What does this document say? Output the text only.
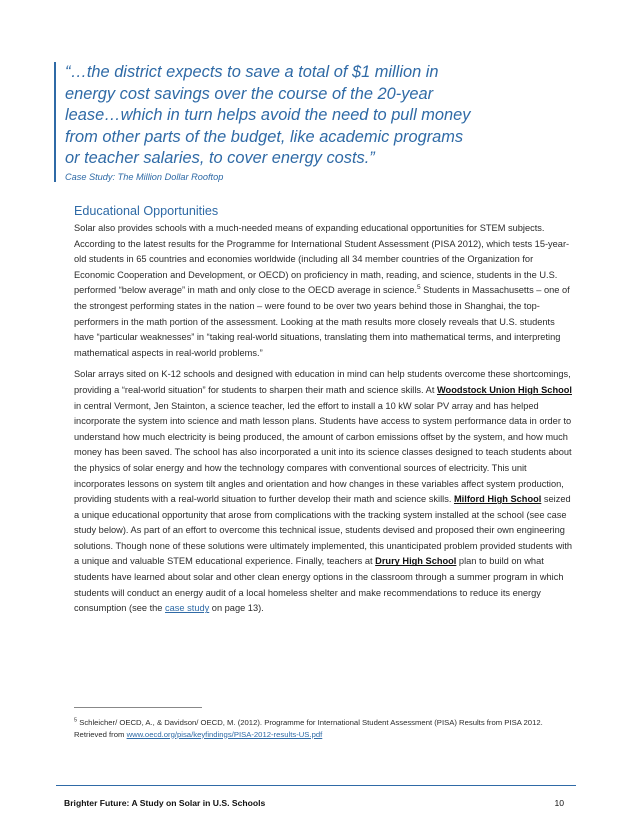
“…the district expects to save a total of $1 million in
energy cost savings over the course of the 20-year
lease…which in turn helps avoid the need to pull money
from other parts of the budget, like academic programs
or teacher salaries, to cover energy costs.”

Case Study: The Million Dollar Rooftop
Educational Opportunities

Solar also provides schools with a much-needed means of expanding educational opportunities for STEM subjects. According to the latest results for the Programme for International Student Assessment (PISA 2012), which tests 15-year-old students in 65 countries and economies worldwide (including all 34 member countries of the Organization for Economic Cooperation and Development, or OECD) on proficiency in math, reading, and science, students in the U.S. performed “below average” in math and only close to the OECD average in science.$^5$ Students in Massachusetts – one of the strongest performing states in the nation – were found to be over two years behind those in Shanghai, the top-performers in the math portion of the assessment. Looking at the math results more closely reveals that U.S. students have “particular weaknesses” in “taking real-world situations, translating them into mathematical terms, and interpreting mathematical aspects in real-world problems.”

Solar arrays sited on K-12 schools and designed with education in mind can help students overcome these shortcomings, providing a “real-world situation” for students to sharpen their math and science skills. At Woodstock Union High School in central Vermont, Jen Stainton, a science teacher, led the effort to install a 10 kW solar PV array and has helped incorporate the system into science and math lesson plans. Students have access to system performance data in order to understand how much electricity is being produced, the amount of carbon emissions offset by the system, and how much money has been saved. The school has also incorporated a unit into its science classes designed to teach students about the physics of solar energy and how the technology compares with conventional sources of electricity. This unit incorporates lessons on system tilt angles and orientation and how changes in these variables affect system production, providing students with a real-world situation to further develop their math and science skills. Milford High School seized a unique educational opportunity that arose from complications with the tracking system installed at the school (see case study below). As part of an effort to overcome this technical issue, students devised and proposed their own engineering solutions. Though none of these solutions were ultimately implemented, this unanticipated problem provided students with a unique and valuable STEM educational experience. Finally, teachers at Drury High School plan to build on what students have learned about solar and other clean energy options in the classroom through a summer program in which students will conduct an energy audit of a local homeless shelter and make recommendations to reduce its energy consumption (see the case study on page 13).

$^5$ Schleicher/ OECD, A., & Davidson/ OECD, M. (2012). Programme for International Student Assessment (PISA) Results from PISA 2012. Retrieved from www.oecd.org/pisa/keyfindings/PISA-2012-results-US.pdf
Brighter Future: A Study on Solar in U.S. Schools	10
